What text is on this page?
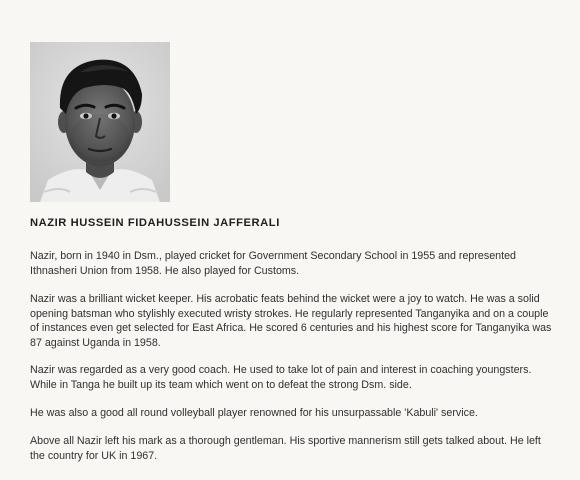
NAZIR HUSSEIN FIDAHUSSEIN JAFFERALI

Nazir, born in 1940 in Dsm., played cricket for Government Secondary School in 1955 and represented Ithnasheri Union from 1958. He also played for Customs.

Nazir was a brilliant wicket keeper. His acrobatic feats behind the wicket were a joy to watch. He was a solid opening batsman who stylishly executed wristy strokes. He regularly represented Tanganyika and on a couple of instances even get selected for East Africa. He scored 6 centuries and his highest score for Tanganyika was 87 against Uganda in 1958.

Nazir was regarded as a very good coach. He used to take lot of pain and interest in coaching youngsters. While in Tanga he built up its team which went on to defeat the strong Dsm. side.

He was also a good all round volleyball player renowned for his unsurpassable 'Kabuli' service.

Above all Nazir left his mark as a thorough gentleman. His sportive mannerism still gets talked about. He left the country for UK in 1967.
